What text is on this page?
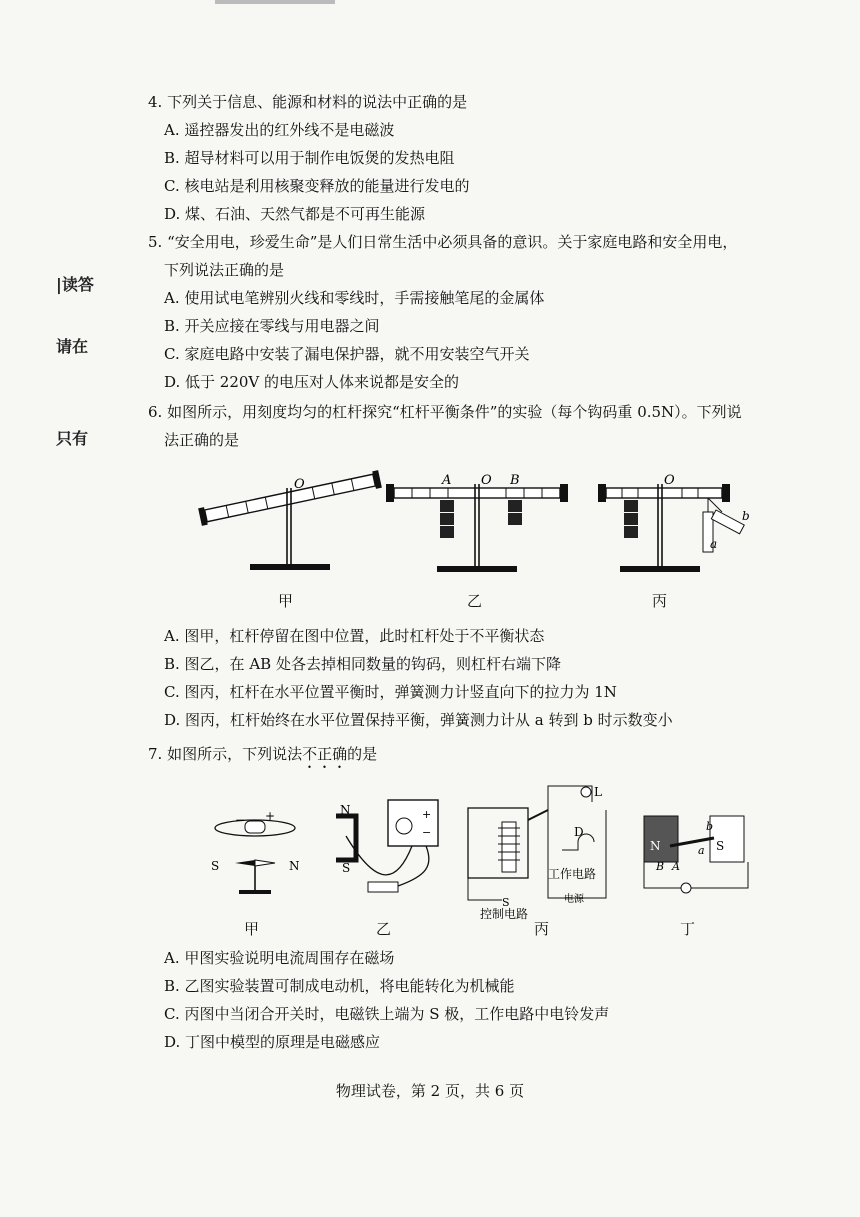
|读答
请在
只有
4. 下列关于信息、能源和材料的说法中正确的是
A. 遥控器发出的红外线不是电磁波
B. 超导材料可以用于制作电饭煲的发热电阻
C. 核电站是利用核聚变释放的能量进行发电的
D. 煤、石油、天然气都是不可再生能源
5. “安全用电，珍爱生命”是人们日常生活中必须具备的意识。关于家庭电路和安全用电，
下列说法正确的是
A. 使用试电笔辨别火线和零线时，手需接触笔尾的金属体
B. 开关应接在零线与用电器之间
C. 家庭电路中安装了漏电保护器，就不用安装空气开关
D. 低于 220V 的电压对人体来说都是安全的
6. 如图所示，用刻度均匀的杠杆探究“杠杆平衡条件”的实验（每个钩码重 0.5N）。下列说
法正确的是
O	A O B	O
a
b
甲	乙	丙
A. 图甲，杠杆停留在图中位置，此时杠杆处于不平衡状态
B. 图乙，在 AB 处各去掉相同数量的钩码，则杠杆右端下降
C. 图丙，杠杆在水平位置平衡时，弹簧测力计竖直向下的拉力为 1N
D. 图丙，杠杆始终在水平位置保持平衡，弹簧测力计从 a 转到 b 时示数变小
7. 如图所示，下列说法不正确的是
+
−
S	N
+
−
N
S
L
D
工作电路
电源
S
控制电路
N	S
b
a
B A
甲	乙	丙	丁
A. 甲图实验说明电流周围存在磁场
B. 乙图实验装置可制成电动机，将电能转化为机械能
C. 丙图中当闭合开关时，电磁铁上端为 S 极，工作电路中电铃发声
D. 丁图中模型的原理是电磁感应
物理试卷，第 2 页，共 6 页
